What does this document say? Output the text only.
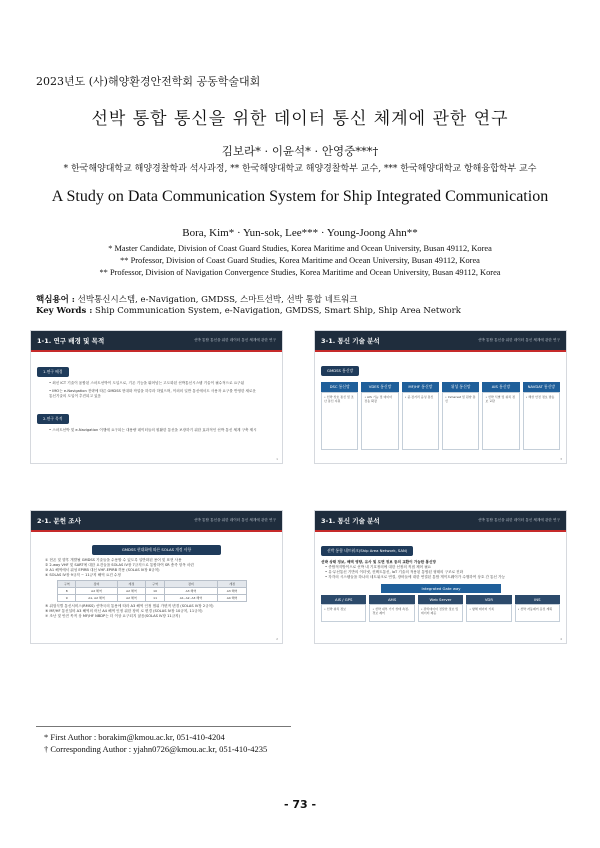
2023년도 (사)해양환경안전학회 공동학술대회
선박 통합 통신을 위한 데이터 통신 체계에 관한 연구
김보라* · 이윤석* · 안영중***†
* 한국해양대학교 해양경찰학과 석사과정, ** 한국해양대학교 해양경찰학부 교수, *** 한국해양대학교 항해융합학부 교수
A Study on Data Communication System for Ship Integrated Communication
Bora, Kim* · Yun-sok, Lee*** · Young-Joong Ahn**
* Master Candidate, Division of Coast Guard Studies, Korea Maritime and Ocean University, Busan 49112, Korea
** Professor, Division of Coast Guard Studies, Korea Maritime and Ocean University, Busan 49112, Korea
** Professor, Division of Navigation Convergence Studies, Korea Maritime and Ocean University, Busan 49112, Korea
핵심용어 : 선박통신시스템, e-Navigation, GMDSS, 스마트선박, 선박 통합 네트워크
Key Words : Ship Communication System, e-Navigation, GMDSS, Smart Ship, Ship Area Network
1-1. 연구 배경 및 목적	선박 통합 통신을 위한 데이터 통신 체계에 관한 연구
1.연구 배경
• 최신 ICT 기술이 융합된 스마트선박이 도입으로, 기존 기능을 뛰어넘는 고도화된 선박통신시스템 기술이 필수적으로 요구됨
• IMO는 e-Navigation 전략에 따른 GMDSS 현대화 작업을 하루라 하였으며, 이외의 일반 통신에서도 사용자 요구를 반영한 새로운 통신기술의 도입이 추진되고 있음
2.연구 목적
• 스마트선박 및 e-Navigation 이행에 요구되는 대용량 데이터들의 원활한 통신을 보장하기 위한 효과적인 선박 통신 체계 구축 제시
1
3-1. 통신 기술 분석	선박 통합 통신을 위한 데이터 통신 체계에 관한 연구
GMDSS 통신망
DSC 통신망
• 선박 상호 통신 및 조난 통신 지원
VDES 통신망
• AIS 기능 및 데이터 전송 확장
MF/HF 통신망
• 중·장거리 음성 통신
위성 통신망
• Inmarsat 및 원양 통신
AIS 통신망
• 선박 식별 및 위치 정보 교환
NAVDAT 통신망
• 해상 안전 정보 방송
3
2-1. 문헌 조사	선박 통합 통신을 위한 데이터 통신 체계에 관한 연구
GMDSS 현대화에 따른 SOLAS 개정 사항
① 현존 및 향후 개발될 GMDSS 기술들을 수용할 수 있도록 일반화된 용어 및 표현 사용
② 2-way VHF 및 SART에 대한 요건들을 SOLAS IV장 7규칙으로 통합하여 SR 충족 항목 마련
③ A1 해역에서 위성 EPIRB 대신 VHF-EPIRB 허용 (SOLAS IV장 8규칙)
④ SOLAS IV장 9규칙 ~ 11규칙 해역 요건 수정
구역	장비	개정	구역	장비	개정
8	A2 해역	A2 해역	10	A3 해역	A3 해역
9	A1, A2 해역	A2 해역	11	A1, A2, A3 해역	A4 해역
⑤ 위험식별 통신서비스(RMSS) 선박국의 통용에 따라 A3 해역 인정 범위 가변적 변경 (SOLAS IV장 2규칙)
⑥ MF/HF 통신설비 A3 해역의 어닌 A4 해역 인정 위한 장비 로 변경 (SOLAS IV장 10규칙, 11규칙)
⑦ 조난 및 안전 목적 상 MF/HF NBDP는 더 이상 요구되지 않음(SOLAS IV장 11규칙)
2
3-1. 통신 기술 분석	선박 통합 통신을 위한 데이터 통신 체계에 관한 연구
선박 통합 네트워크(Ship Area Network, SAN)
선박 상태 정보, 해역 영향, 유사 및 도면 정보 등의 교환이 가능한 통신망
• 종합적지방이으로 선박 내 기호정의에 대한 선정의 직접 제어 필요
• 유·무선통신 기반의 이더넷, 컨택트통신, IoT 기술의 적용된 통합된 형태의 구조로 진화
• 각각의 시스템들을 하나의 네트워크로 연결, 장비들에 대한 연결된 통합 게이트웨이가 수행하여 상호 간 통신 가능
Integrated Gate way
AIS / GPS
• 선박 위치 정보
AMS
• 선박 내부 기기 상태 측정, 경보 제어
Web Server
• 관리데이터 전달한 정보 및 데이터 제공
VDR
• 항해 데이터 기록
INS
• 선박 자동제어 운전 계획
4
* First Author : borakim@kmou.ac.kr, 051-410-4204
† Corresponding Author : yjahn0726@kmou.ac.kr, 051-410-4235
- 73 -
